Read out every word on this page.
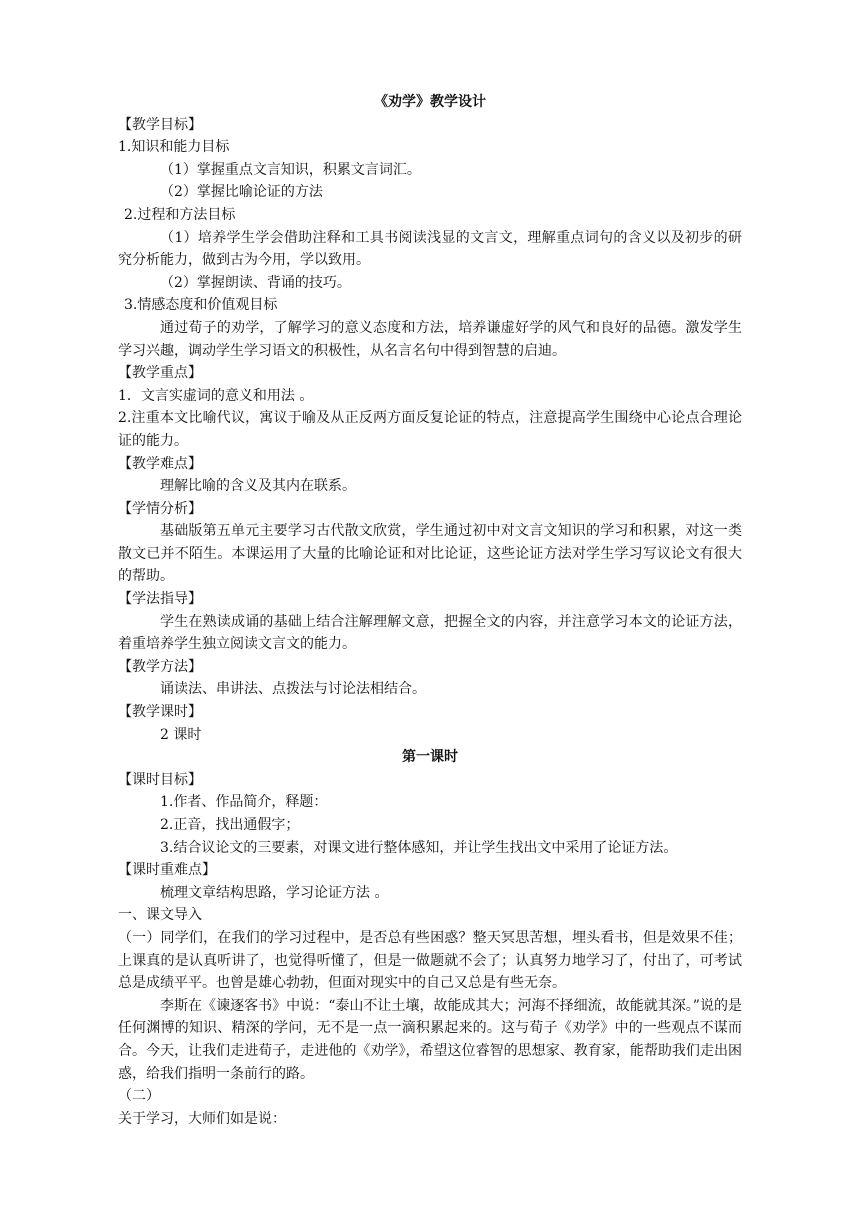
《劝学》教学设计

【教学目标】

1.知识和能力目标

（1）掌握重点文言知识，积累文言词汇。

（2）掌握比喻论证的方法

2.过程和方法目标

（1）培养学生学会借助注释和工具书阅读浅显的文言文，理解重点词句的含义以及初步的研究分析能力，做到古为今用，学以致用。

（2）掌握朗读、背诵的技巧。

3.情感态度和价值观目标

通过荀子的劝学，了解学习的意义态度和方法，培养谦虚好学的风气和良好的品德。激发学生学习兴趣，调动学生学习语文的积极性，从名言名句中得到智慧的启迪。

【教学重点】

1．文言实虚词的意义和用法 。

2.注重本文比喻代议，寓议于喻及从正反两方面反复论证的特点，注意提高学生围绕中心论点合理论证的能力。

【教学难点】

理解比喻的含义及其内在联系。

【学情分析】

基础版第五单元主要学习古代散文欣赏，学生通过初中对文言文知识的学习和积累，对这一类散文已并不陌生。本课运用了大量的比喻论证和对比论证，这些论证方法对学生学习写议论文有很大的帮助。

【学法指导】

学生在熟读成诵的基础上结合注解理解文意，把握全文的内容，并注意学习本文的论证方法，着重培养学生独立阅读文言文的能力。

【教学方法】

诵读法、串讲法、点拨法与讨论法相结合。

【教学课时】

2 课时

第一课时

【课时目标】

1.作者、作品简介，释题：

2.正音，找出通假字；

3.结合议论文的三要素，对课文进行整体感知，并让学生找出文中采用了论证方法。

【课时重难点】

梳理文章结构思路，学习论证方法 。

一、课文导入

（一）同学们，在我们的学习过程中，是否总有些困惑？整天冥思苦想，埋头看书，但是效果不佳；上课真的是认真听讲了，也觉得听懂了，但是一做题就不会了；认真努力地学习了，付出了，可考试总是成绩平平。也曾是雄心勃勃，但面对现实中的自己又总是有些无奈。

李斯在《谏逐客书》中说：“泰山不让土壤，故能成其大；河海不择细流，故能就其深。”说的是任何渊博的知识、精深的学问，无不是一点一滴积累起来的。这与荀子《劝学》中的一些观点不谋而合。今天，让我们走进荀子，走进他的《劝学》，希望这位睿智的思想家、教育家，能帮助我们走出困惑，给我们指明一条前行的路。

（二）

关于学习，大师们如是说：
